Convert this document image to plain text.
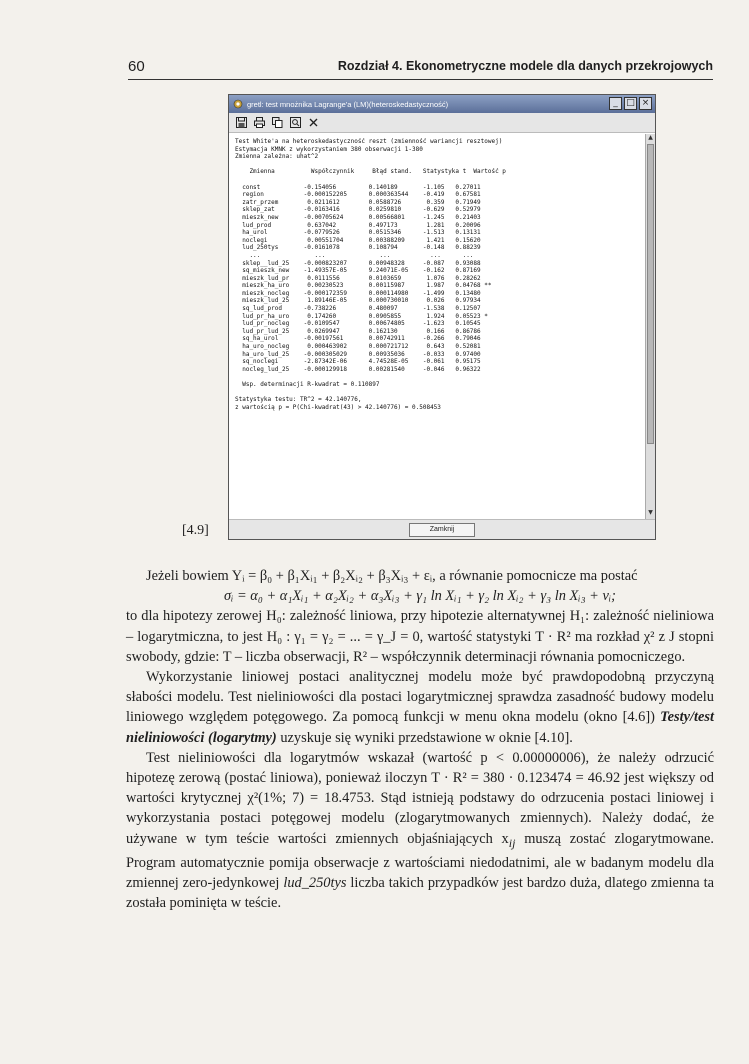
60	Rozdział 4. Ekonometryczne modele dla danych przekrojowych
[4.9]
gretl: test mnożnika Lagrange'a (LM)(heteroskedastyczność)	_ □ ×
Test White'a na heteroskedastyczność reszt (zmienność wariancji resztowej)
Estymacja KMNK z wykorzystaniem 380 obserwacji 1-380
Zmienna zależna: uhat^2

Zmienna          Współczynnik     Błąd stand.   Statystyka t  Wartość p

const            -0.154056         0.140189       -1.105   0.27011
region           -0.000152205      0.000363544    -0.419   0.67581
zatr_przem        0.0211612        0.0588726       0.359   0.71949
sklep_zat        -0.0163416        0.0259810      -0.629   0.52979
mieszk_new       -0.00705624       0.00566801     -1.245   0.21403
lud_prod          0.637042         0.497173        1.281   0.20096
ha_urol          -0.0779526        0.0515346      -1.513   0.13131
noclegi           0.00551704       0.00388209      1.421   0.15620
lud_250tys       -0.0161078        0.108794       -0.148   0.88239
...               ...               ...           ...      ...
sklep__lud_25    -0.000823207      0.00948328     -0.087   0.93088
sq_mieszk_new    -1.49357E-05      9.24071E-05    -0.162   0.87169
mieszk_lud_pr     0.0111556        0.0103659       1.076   0.28262
mieszk_ha_uro     0.00230523       0.00115987      1.987   0.04768 **
mieszk_nocleg    -0.000172359      0.000114980    -1.499   0.13480
mieszk_lud_25     1.89146E-05      0.000730010     0.026   0.97934
sq_lud_prod      -0.738226         0.480097       -1.538   0.12507
lud_pr_ha_uro     0.174260         0.0905855       1.924   0.05523 *
lud_pr_nocleg    -0.0109547        0.00674805     -1.623   0.10545
lud_pr_lud_25     0.0269947        0.162130        0.166   0.86786
sq_ha_urol       -0.00197561       0.00742911     -0.266   0.79046
ha_uro_nocleg     0.000463902      0.000721712     0.643   0.52081
ha_uro_lud_25    -0.000305029      0.00935036     -0.033   0.97400
sq_noclegi       -2.87342E-06      4.74528E-05    -0.061   0.95175
nocleg_lud_25    -0.000129918      0.00281540     -0.046   0.96322

Wsp. determinacji R-kwadrat = 0.110897

Statystyka testu: TR^2 = 42.140776,
z wartością p = P(Chi-kwadrat(43) > 42.140776) = 0.508453
▲
▼
Zamknij

Jeżeli bowiem Yᵢ = β₀ + β₁Xᵢ₁ + β₂Xᵢ₂ + β₃Xᵢ₃ + εᵢ, a równanie pomocnicze ma postać

σᵢ = α₀ + α₁Xᵢ₁ + α₂Xᵢ₂ + α₃Xᵢ₃ + γ₁ ln Xᵢ₁ + γ₂ ln Xᵢ₂ + γ₃ ln Xᵢ₃ + vᵢ;

to dla hipotezy zerowej H₀: zależność liniowa, przy hipotezie alternatywnej H₁: zależność nieliniowa – logarytmiczna, to jest H₀ : γ₁ = γ₂ = ... = γ_J = 0, wartość statystyki T · R² ma rozkład χ² z J stopni swobody, gdzie: T – liczba obserwacji, R² – współczynnik determinacji równania pomocniczego.

Wykorzystanie liniowej postaci analitycznej modelu może być prawdopodobną przyczyną słabości modelu. Test nieliniowości dla postaci logarytmicznej sprawdza zasadność budowy modelu liniowego względem potęgowego. Za pomocą funkcji w menu okna modelu (okno [4.6]) Testy/test nieliniowości (logarytmy) uzyskuje się wyniki przedstawione w oknie [4.10].

Test nieliniowości dla logarytmów wskazał (wartość p < 0.00000006), że należy odrzucić hipotezę zerową (postać liniowa), ponieważ iloczyn T · R² = 380 · 0.123474 = 46.92 jest większy od wartości krytycznej χ²(1%; 7) = 18.4753. Stąd istnieją podstawy do odrzucenia postaci liniowej i wykorzystania postaci potęgowej modelu (zlogarytmowanych zmiennych). Należy dodać, że używane w tym teście wartości zmiennych objaśniających $x_{ij}$ muszą zostać zlogarytmowane. Program automatycznie pomija obserwacje z wartościami niedodatnimi, ale w badanym modelu dla zmiennej zero-jedynkowej lud_250tys liczba takich przypadków jest bardzo duża, dlatego zmienna ta została pominięta w teście.
